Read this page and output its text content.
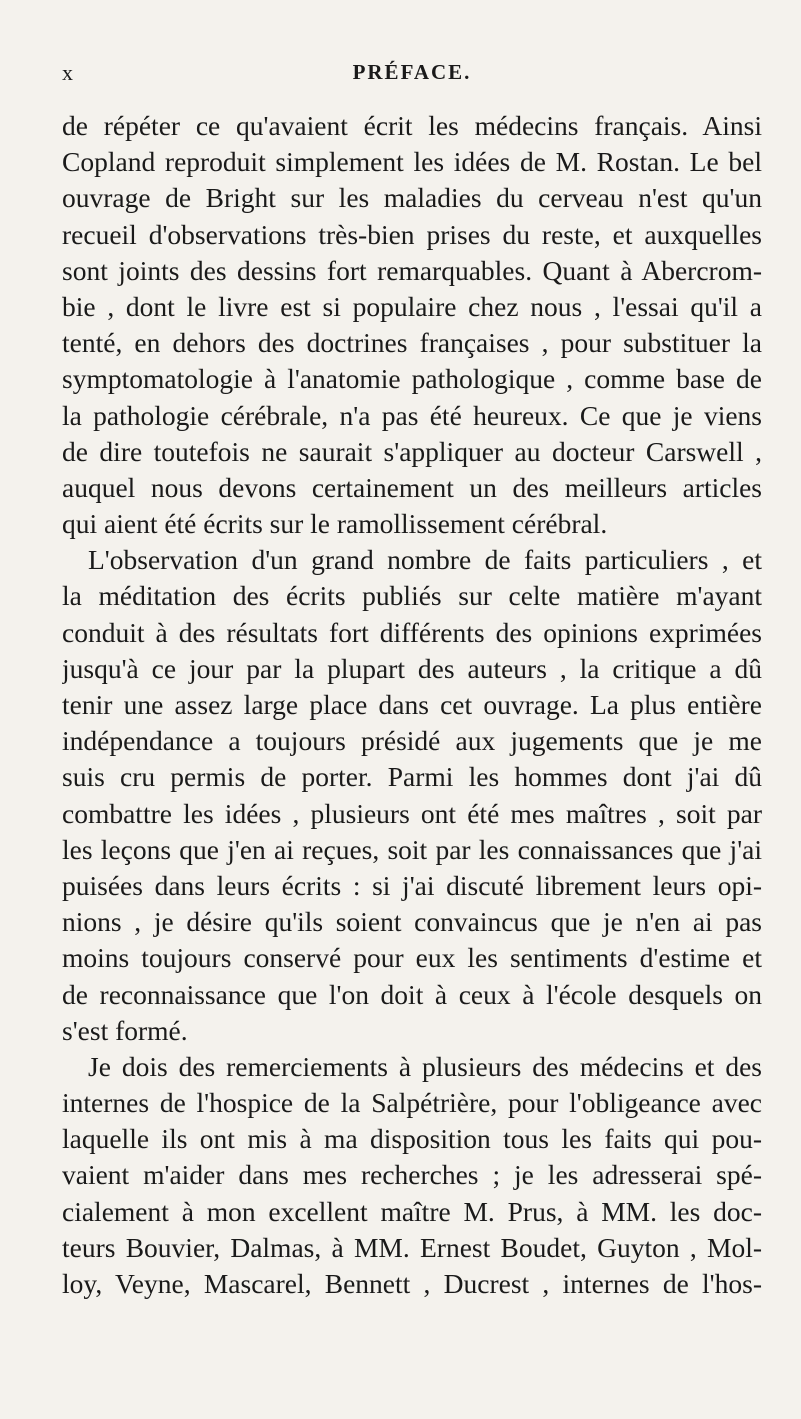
x	PRÉFACE.
de répéter ce qu'avaient écrit les médecins français. Ainsi
Copland reproduit simplement les idées de M. Rostan. Le bel
ouvrage de Bright sur les maladies du cerveau n'est qu'un
recueil d'observations très-bien prises du reste, et auxquelles
sont joints des dessins fort remarquables. Quant à Abercrom-
bie , dont le livre est si populaire chez nous , l'essai qu'il a
tenté, en dehors des doctrines françaises , pour substituer la
symptomatologie à l'anatomie pathologique , comme base de
la pathologie cérébrale, n'a pas été heureux. Ce que je viens
de dire toutefois ne saurait s'appliquer au docteur Carswell ,
auquel nous devons certainement un des meilleurs articles
qui aient été écrits sur le ramollissement cérébral.
L'observation d'un grand nombre de faits particuliers , et
la méditation des écrits publiés sur celte matière m'ayant
conduit à des résultats fort différents des opinions exprimées
jusqu'à ce jour par la plupart des auteurs , la critique a dû
tenir une assez large place dans cet ouvrage. La plus entière
indépendance a toujours présidé aux jugements que je me
suis cru permis de porter. Parmi les hommes dont j'ai dû
combattre les idées , plusieurs ont été mes maîtres , soit par
les leçons que j'en ai reçues, soit par les connaissances que j'ai
puisées dans leurs écrits : si j'ai discuté librement leurs opi-
nions , je désire qu'ils soient convaincus que je n'en ai pas
moins toujours conservé pour eux les sentiments d'estime et
de reconnaissance que l'on doit à ceux à l'école desquels on
s'est formé.
Je dois des remerciements à plusieurs des médecins et des
internes de l'hospice de la Salpétrière, pour l'obligeance avec
laquelle ils ont mis à ma disposition tous les faits qui pou-
vaient m'aider dans mes recherches ; je les adresserai spé-
cialement à mon excellent maître M. Prus, à MM. les doc-
teurs Bouvier, Dalmas, à MM. Ernest Boudet, Guyton , Mol-
loy, Veyne, Mascarel, Bennett , Ducrest , internes de l'hos-
